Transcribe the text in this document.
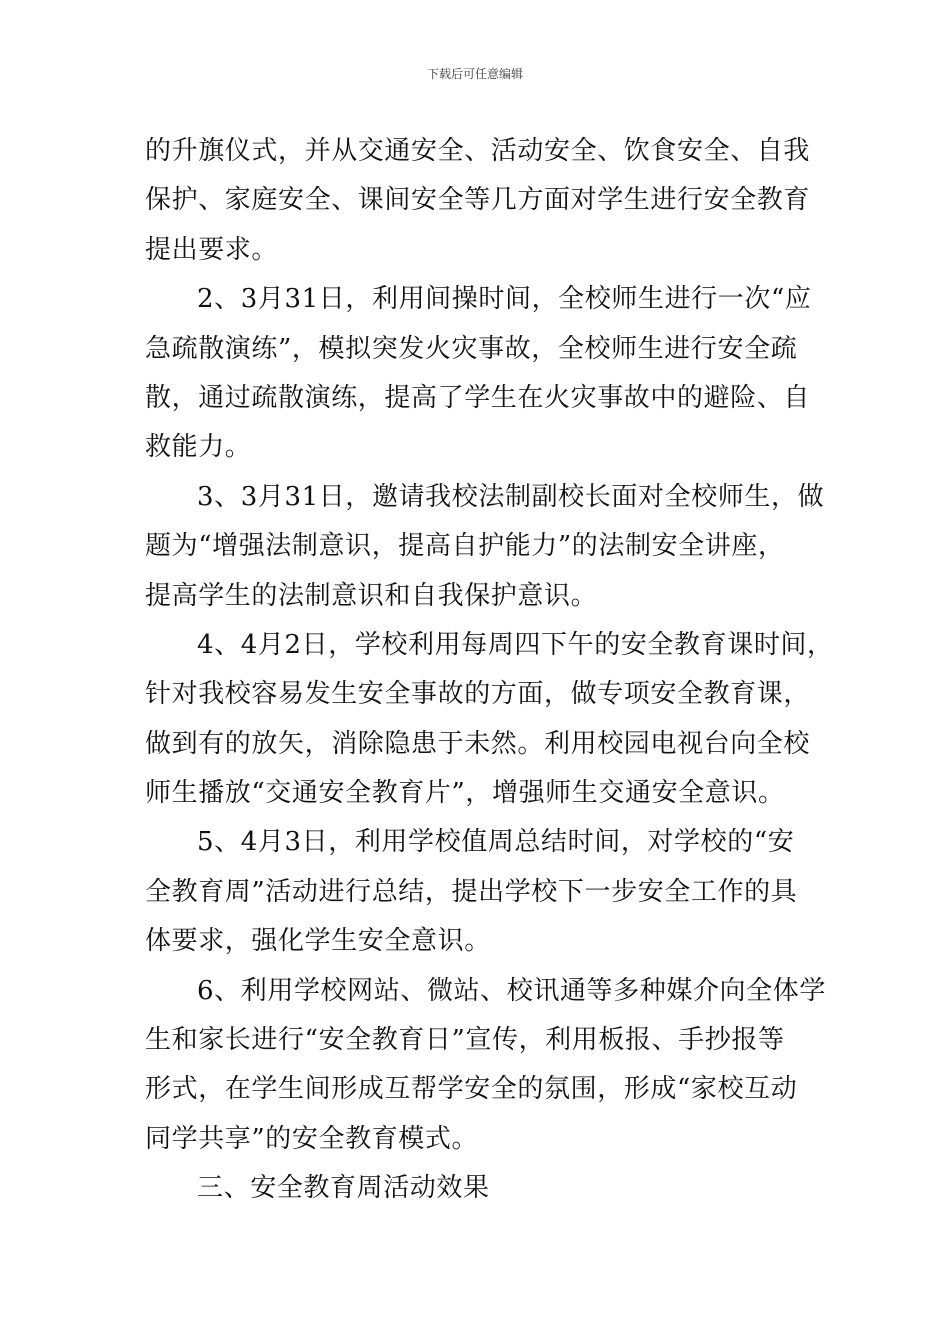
下载后可任意编辑

的升旗仪式，并从交通安全、活动安全、饮食安全、自我
保护、家庭安全、课间安全等几方面对学生进行安全教育
提出要求。

2、3月31日，利用间操时间，全校师生进行一次“应
急疏散演练”，模拟突发火灾事故，全校师生进行安全疏
散，通过疏散演练，提高了学生在火灾事故中的避险、自
救能力。

3、3月31日，邀请我校法制副校长面对全校师生，做
题为“增强法制意识，提高自护能力”的法制安全讲座，
提高学生的法制意识和自我保护意识。

4、4月2日，学校利用每周四下午的安全教育课时间，
针对我校容易发生安全事故的方面，做专项安全教育课，
做到有的放矢，消除隐患于未然。利用校园电视台向全校
师生播放“交通安全教育片”，增强师生交通安全意识。

5、4月3日，利用学校值周总结时间，对学校的“安
全教育周”活动进行总结，提出学校下一步安全工作的具
体要求，强化学生安全意识。

6、利用学校网站、微站、校讯通等多种媒介向全体学
生和家长进行“安全教育日”宣传，利用板报、手抄报等
形式，在学生间形成互帮学安全的氛围，形成“家校互动
同学共享”的安全教育模式。

三、安全教育周活动效果
